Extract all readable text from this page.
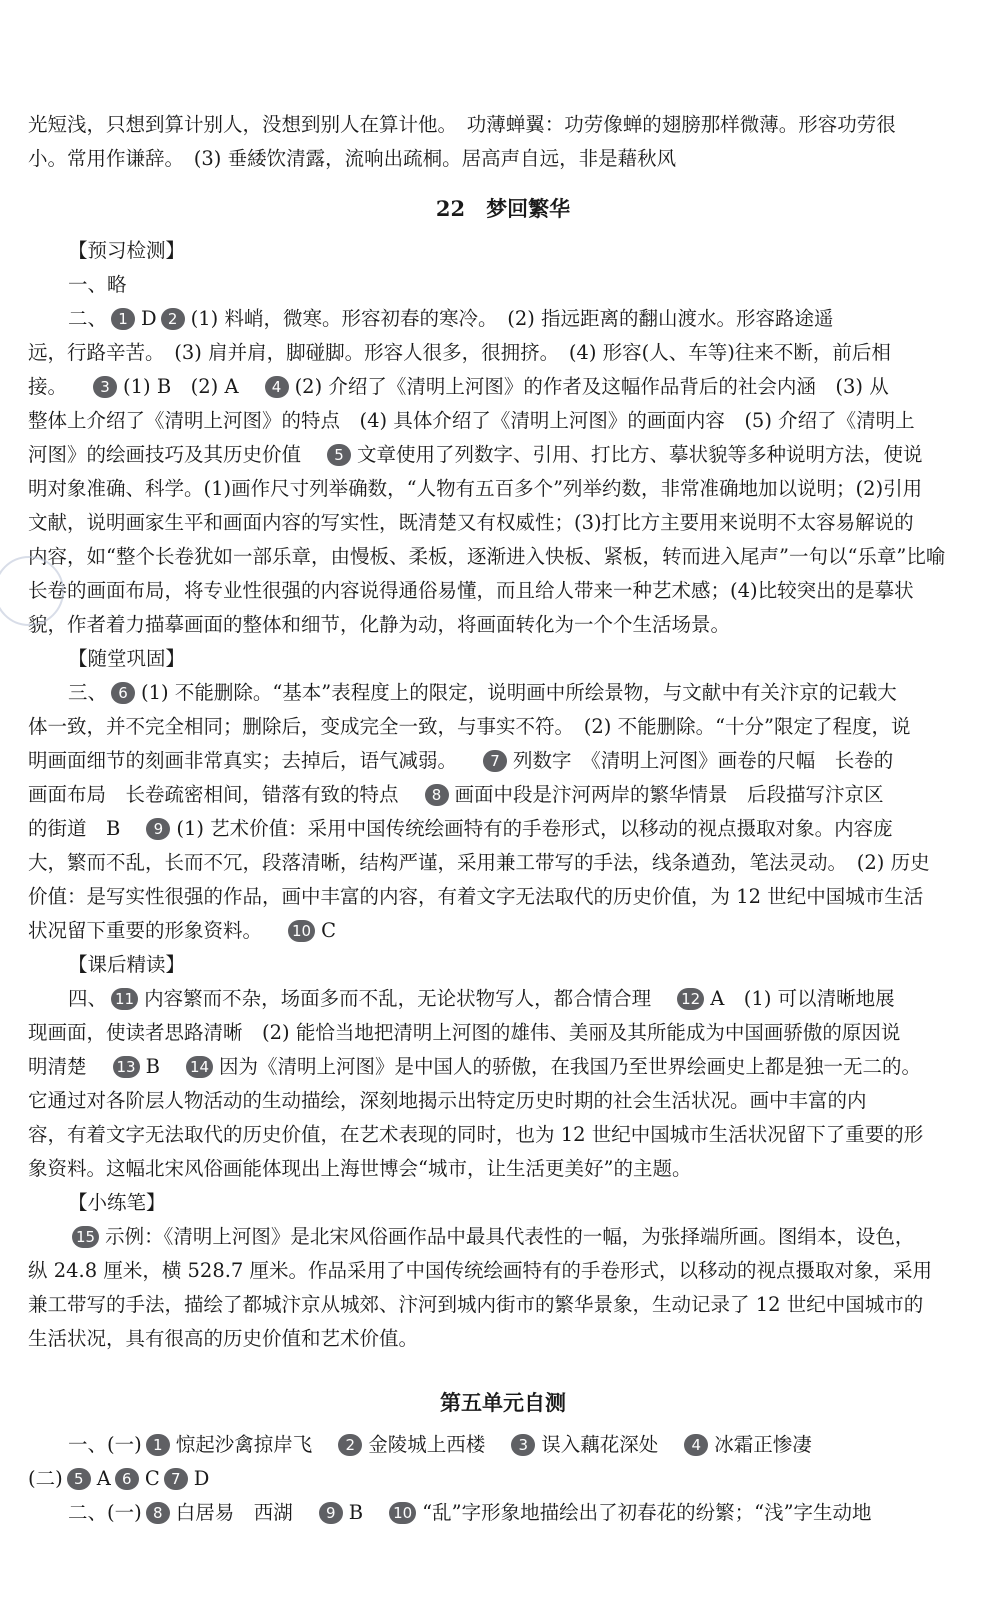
光短浅，只想到算计别人，没想到别人在算计他。　功薄蝉翼：功劳像蝉的翅膀那样微薄。形容功劳很
小。常用作谦辞。　(3) 垂緌饮清露，流响出疏桐。居高声自远，非是藉秋风
22　梦回繁华
【预习检测】
一、略
二、 1 D 2 (1) 料峭，微寒。形容初春的寒冷。　(2) 指远距离的翻山渡水。形容路途遥
远，行路辛苦。　(3) 肩并肩，脚碰脚。形容人很多，很拥挤。　(4) 形容(人、车等)往来不断，前后相
接。 3 (1) B　(2) A 4 (2) 介绍了《清明上河图》的作者及这幅作品背后的社会内涵　(3) 从
整体上介绍了《清明上河图》的特点　(4) 具体介绍了《清明上河图》的画面内容　(5) 介绍了《清明上
河图》的绘画技巧及其历史价值 5 文章使用了列数字、引用、打比方、摹状貌等多种说明方法，使说
明对象准确、科学。(1)画作尺寸列举确数，“人物有五百多个”列举约数，非常准确地加以说明；(2)引用
文献，说明画家生平和画面内容的写实性，既清楚又有权威性；(3)打比方主要用来说明不太容易解说的
内容，如“整个长卷犹如一部乐章，由慢板、柔板，逐渐进入快板、紧板，转而进入尾声”一句以“乐章”比喻
长卷的画面布局，将专业性很强的内容说得通俗易懂，而且给人带来一种艺术感；(4)比较突出的是摹状
貌，作者着力描摹画面的整体和细节，化静为动，将画面转化为一个个生活场景。
【随堂巩固】
三、 6 (1) 不能删除。“基本”表程度上的限定，说明画中所绘景物，与文献中有关汴京的记载大
体一致，并不完全相同；删除后，变成完全一致，与事实不符。　(2) 不能删除。“十分”限定了程度，说
明画面细节的刻画非常真实；去掉后，语气减弱。 7 列数字　《清明上河图》画卷的尺幅　长卷的
画面布局　长卷疏密相间，错落有致的特点 8 画面中段是汴河两岸的繁华情景　后段描写汴京区
的街道　B 9 (1) 艺术价值：采用中国传统绘画特有的手卷形式，以移动的视点摄取对象。内容庞
大，繁而不乱，长而不冗，段落清晰，结构严谨，采用兼工带写的手法，线条遒劲，笔法灵动。　(2) 历史
价值：是写实性很强的作品，画中丰富的内容，有着文字无法取代的历史价值，为 12 世纪中国城市生活
状况留下重要的形象资料。 10 C
【课后精读】
四、 11 内容繁而不杂，场面多而不乱，无论状物写人，都合情合理 12 A　(1) 可以清晰地展
现画面，使读者思路清晰　(2) 能恰当地把清明上河图的雄伟、美丽及其所能成为中国画骄傲的原因说
明清楚 13 B 14 因为《清明上河图》是中国人的骄傲，在我国乃至世界绘画史上都是独一无二的。
它通过对各阶层人物活动的生动描绘，深刻地揭示出特定历史时期的社会生活状况。画中丰富的内
容，有着文字无法取代的历史价值，在艺术表现的同时，也为 12 世纪中国城市生活状况留下了重要的形
象资料。这幅北宋风俗画能体现出上海世博会“城市，让生活更美好”的主题。
【小练笔】
15 示例：《清明上河图》是北宋风俗画作品中最具代表性的一幅，为张择端所画。图绢本，设色，
纵 24.8 厘米，横 528.7 厘米。作品采用了中国传统绘画特有的手卷形式，以移动的视点摄取对象，采用
兼工带写的手法，描绘了都城汴京从城郊、汴河到城内街市的繁华景象，生动记录了 12 世纪中国城市的
生活状况，具有很高的历史价值和艺术价值。
第五单元自测
一、(一) 1 惊起沙禽掠岸飞 2 金陵城上西楼 3 误入藕花深处 4 冰霜正惨凄
(二) 5 A 6 C 7 D
二、(一) 8 白居易　西湖 9 B 10 “乱”字形象地描绘出了初春花的纷繁；“浅”字生动地
